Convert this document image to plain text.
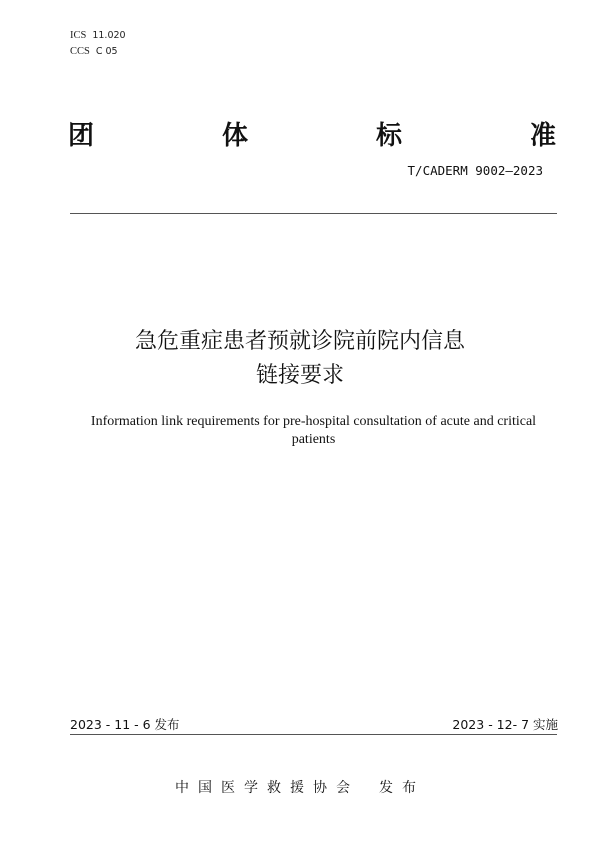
ICS 11.020
CCS C 05
团	体	标	准
T/CADERM 9002—2023
急危重症患者预就诊院前院内信息
链接要求
Information link requirements for pre-hospital consultation of acute and critical patients
2023 - 11 - 6 发布	2023 - 12- 7 实施
中国医学救援协会 发布
